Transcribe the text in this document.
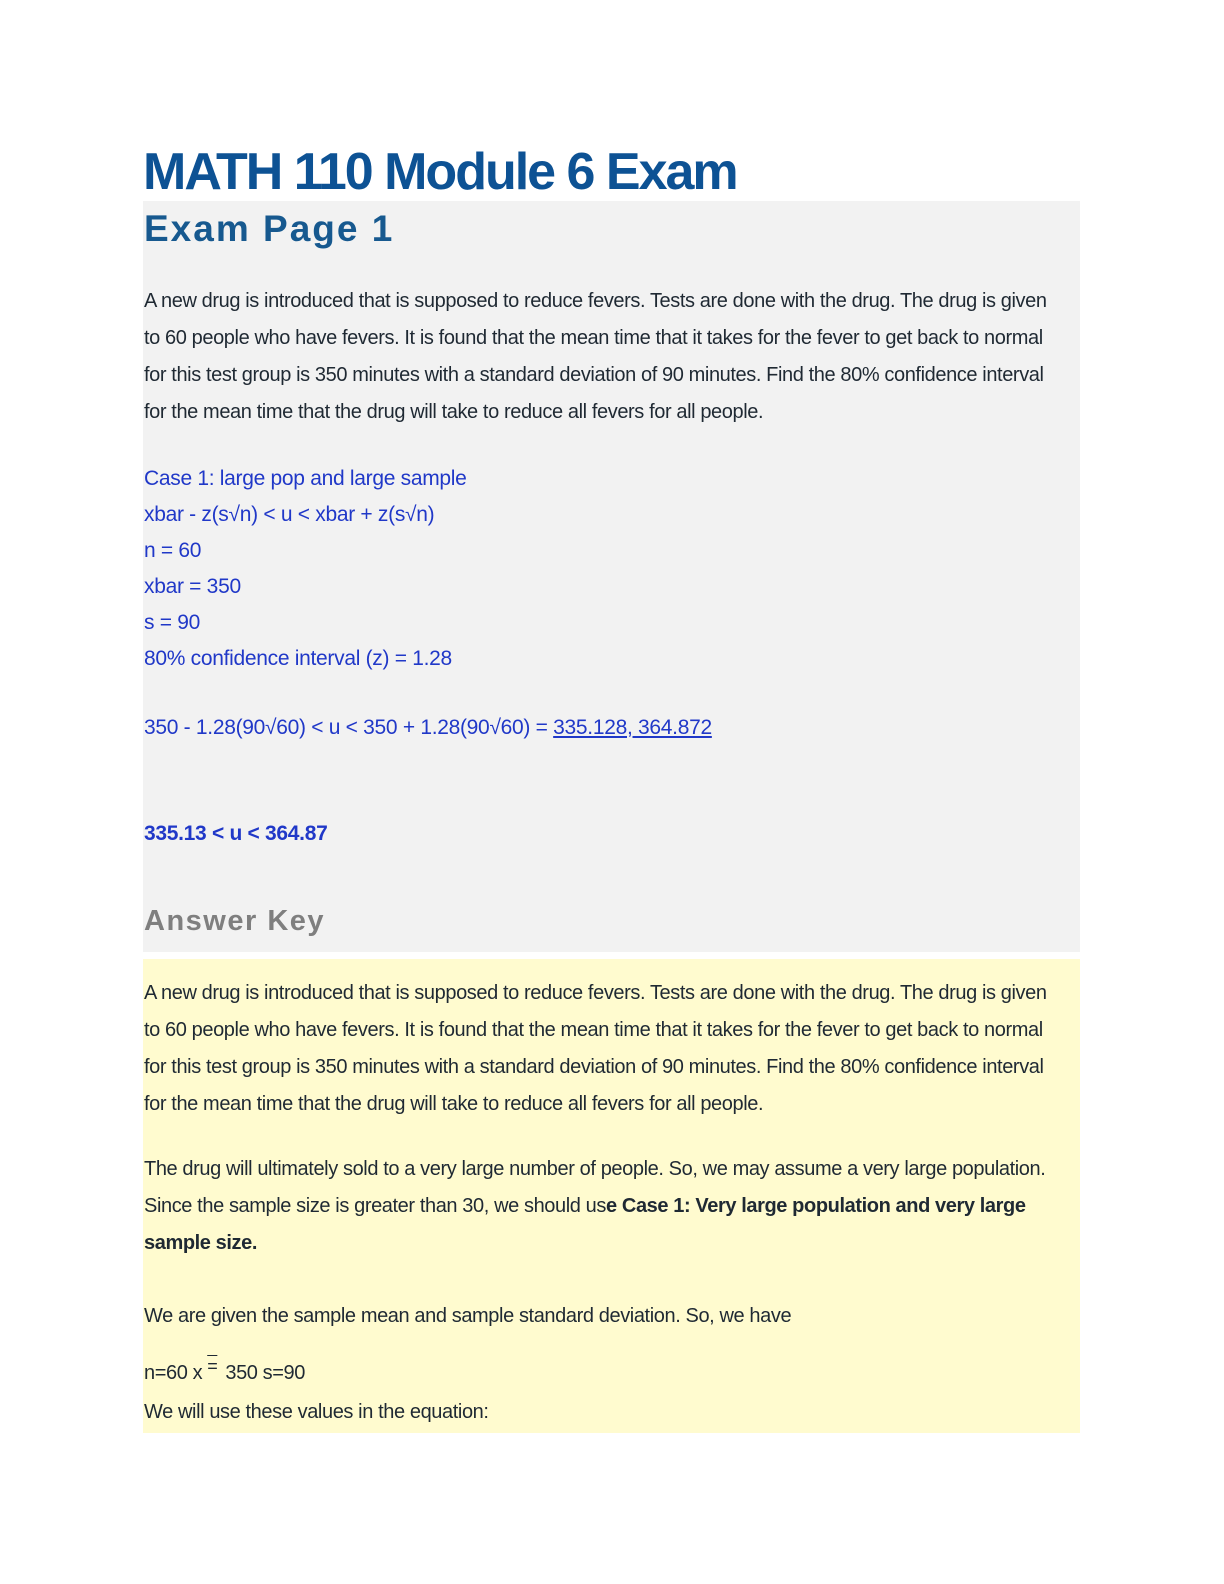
MATH 110 Module 6 Exam
Exam Page 1

A new drug is introduced that is supposed to reduce fevers. Tests are done with the drug. The drug is given to 60 people who have fevers. It is found that the mean time that it takes for the fever to get back to normal for this test group is 350 minutes with a standard deviation of 90 minutes. Find the 80% confidence interval for the mean time that the drug will take to reduce all fevers for all people.

Case 1: large pop and large sample
xbar - z(s√n) < u < xbar + z(s√n)
n = 60
xbar = 350
s = 90
80% confidence interval (z) = 1.28
350 - 1.28(90√60) < u < 350 + 1.28(90√60) = 335.128, 364.872
335.13 < u < 364.87
Answer Key

A new drug is introduced that is supposed to reduce fevers. Tests are done with the drug. The drug is given to 60 people who have fevers. It is found that the mean time that it takes for the fever to get back to normal for this test group is 350 minutes with a standard deviation of 90 minutes. Find the 80% confidence interval for the mean time that the drug will take to reduce all fevers for all people.

The drug will ultimately sold to a very large number of people. So, we may assume a very large population. Since the sample size is greater than 30, we should use Case 1: Very large population and very large sample size.

We are given the sample mean and sample standard deviation. So, we have

n=60 x = 350 s=90

We will use these values in the equation:
